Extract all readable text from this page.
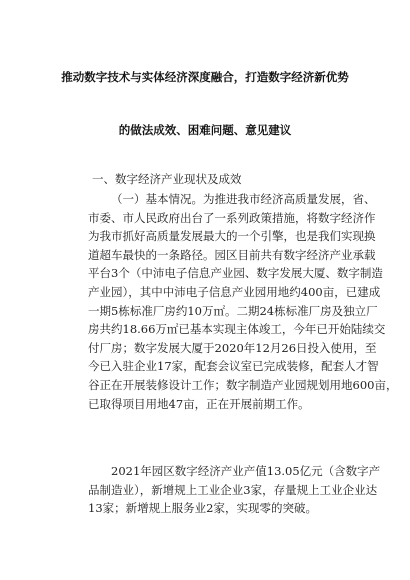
推动数字技术与实体经济深度融合，打造数字经济新优势
的做法成效、困难问题、意见建议
一、数字经济产业现状及成效
（一）基本情况。为推进我市经济高质量发展，省、
市委、市人民政府出台了一系列政策措施，将数字经济作
为我市抓好高质量发展最大的一个引擎，也是我们实现换
道超车最快的一条路径。园区目前共有数字经济产业承载
平台3个（中沛电子信息产业园、数字发展大厦、数字制造
产业园），其中中沛电子信息产业园用地约400亩，已建成
一期5栋标准厂房约10万㎡。二期24栋标准厂房及独立厂
房共约18.66万㎡已基本实现主体竣工，今年已开始陆续交
付厂房；数字发展大厦于2020年12月26日投入使用，至
今已入驻企业17家，配套会议室已完成装修，配套人才智
谷正在开展装修设计工作；数字制造产业园规划用地600亩，
已取得项目用地47亩，正在开展前期工作。
2021年园区数字经济产业产值13.05亿元（含数字产
品制造业），新增规上工业企业3家，存量规上工业企业达
13家；新增规上服务业2家，实现零的突破。
